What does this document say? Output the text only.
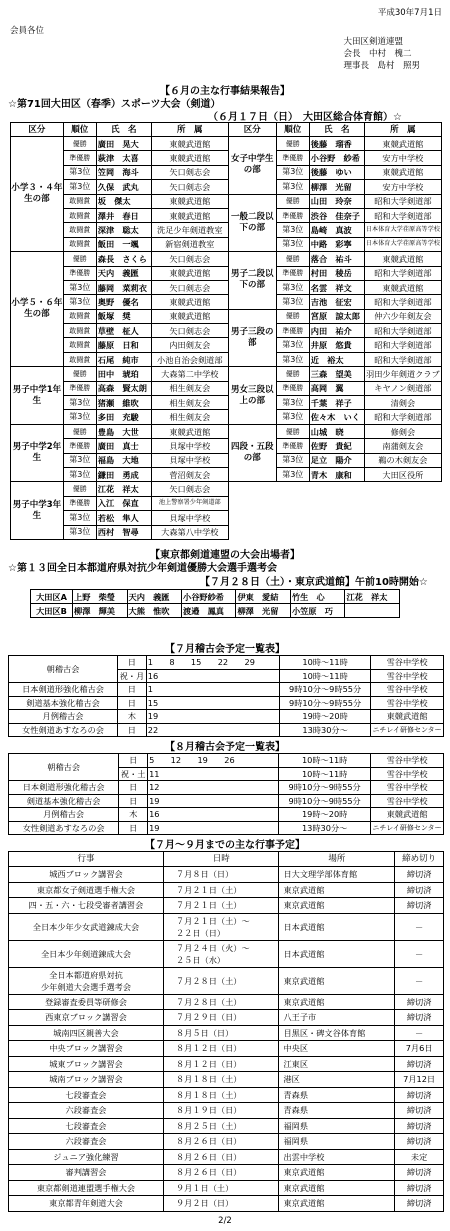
平成30年7月1日
会員各位
大田区剣道連盟
会長　中村　槐二
理事長　島村　照男
【６月の主な行事結果報告】
☆第71回大田区（春季）スポーツ大会（剣道）
（６月１７日（日）　大田区総合体育館）☆
区分	順位	氏　名	所　属	区分	順位	氏　名	所　属
小学３・４年生の部	優勝	廣田　晃大	東競武道館	女子中学生の部	優勝	後藤　瑠香	東競武道館
	準優勝	萩津　太喜	東競武道館		準優勝	小谷野　紗希	安方中学校
	第3位	笠岡　海斗	矢口剣志会		第3位	後藤　ゆい	東競武道館
	第3位	久保　武丸	矢口剣志会		第3位	柳澤　光留	安方中学校
	敢闘賞	坂　傑太	東競武道館	一般二段以下の部	優勝	山田　玲奈	昭和大学剣道部
	敢闘賞	澤井　春日	東競武道館		準優勝	渋谷　佳奈子	昭和大学剣道部
	敢闘賞	深津　聡太	洗足少年剣道教室		第3位	島崎　真波	日本体育大学荏原高等学校
	敢闘賞	飯田　一颯	新宿剣道教室		第3位	中路　彩寧	日本体育大学荏原高等学校
小学５・６年生の部	優勝	森長　さくら	矢口剣志会	男子二段以下の部	優勝	落合　祐斗	東競武道館
	準優勝	天内　義匯	東競武道館		準優勝	村田　稜岳	昭和大学剣道部
	第3位	藤岡　菜莉衣	矢口剣志会		第3位	名雲　祥文	東競武道館
	第3位	奥野　優名	東競武道館		第3位	吉池　征宏	昭和大学剣道部
	敢闘賞	飯塚　奨	東競武道館	男子三段の部	優勝	宮原　諒太郎	仲六少年剣友会
	敢闘賞	草壁　柾人	矢口剣志会		準優勝	内田　祐介	昭和大学剣道部
	敢闘賞	藤原　日和	内田剣友会		第3位	井原　悠貴	昭和大学剣道部
	敢闘賞	石尾　純市	小池自治会剣道部		第3位	近　裕太	昭和大学剣道部
男子中学1年生	優勝	田中　琥珀	大森第二中学校	男女三段以上の部	優勝	三森　望美	羽田少年剣道クラブ
	準優勝	高森　賢太朗	相生剣友会		準優勝	高岡　翼	キヤノン剣道部
	第3位	猪瀬　維吹	相生剣友会		第3位	千葉　祥子	清剣会
	第3位	多田　充駿	相生剣友会		第3位	佐々木　いく	昭和大学剣道部
男子中学2年生	優勝	豊島　大世	東競武道館	四段・五段の部	優勝	山城　晓	修剣会
	準優勝	廣田　真士	貝塚中学校		準優勝	佐野　貴紀	南蒲剣友会
	第3位	福島　大地	貝塚中学校		第3位	足立　陽介	鵜の木剣友会
	第3位	鎌田　勇成	菅沼剣友会		第3位	青木　康和	大田区役所
男子中学3年生	優勝	江花　祥太	矢口剣志会				
	準優勝	入江　保直	池上警察署少年剣道部				
	第3位	若松　隼人	貝塚中学校				
	第3位	西村　智尋	大森第八中学校				
【東京都剣道連盟の大会出場者】
☆第１３回全日本都道府県対抗少年剣道優勝大会選手選考会
【７月２８日（土）・東京武道館】午前10時開始☆
大田区A	上野　柴瑩	天内　義匯	小谷野紗希	伊東　愛結	竹生　心	江花　祥太
大田区B	柳澤　輝美	大熊　惟吹	渡邉　鳳真	柳澤　光留	小笠原　巧	
【７月稽古会予定一覧表】
朝稽古会	日	1　　8　　15　　22　　29	10時～11時	雪谷中学校
	祝・月	16	10時～11時	雪谷中学校
日本剣道形強化稽古会	日	1	9時10分～9時55分	雪谷中学校
剣道基本強化稽古会	日	15	9時10分～9時55分	雪谷中学校
月例稽古会	木	19	19時～20時	東競武道館
女性剣道あすなろの会	日	22	13時30分～	ニチレイ研修センター
【８月稽古会予定一覧表】
朝稽古会	日	5　　12　　19　　26	10時～11時	雪谷中学校
	祝・土	11	10時～11時	雪谷中学校
日本剣道形強化稽古会	日	12	9時10分～9時55分	雪谷中学校
剣道基本強化稽古会	日	19	9時10分～9時55分	雪谷中学校
月例稽古会	木	16	19時～20時	東競武道館
女性剣道あすなろの会	日	19	13時30分～	ニチレイ研修センター
【７月～９月までの主な行事予定】
行事	日時	場所	締め切り
城西ブロック講習会	７月８日（日）	日大文理学部体育館	締切済
東京都女子剣道選手権大会	７月２１日（土）	東京武道館	締切済
四・五・六・七段受審者講習会	７月２１日（土）	東京武道館	締切済
全日本少年少女武道錬成大会	７月２１日（土）～
２２日（日）	日本武道館	－
全日本少年剣道錬成大会	７月２４日（火）～
２５日（水）	日本武道館	－
全日本都道府県対抗
少年剣道大会選手選考会	７月２８日（土）	東京武道館	－
登録審査委員等研修会	７月２８日（土）	東京武道館	締切済
西東京ブロック講習会	７月２９日（日）	八王子市	締切済
城南四区親善大会	８月５日（日）	目黒区・碑文谷体育館	－
中央ブロック講習会	８月１２日（日）	中央区	7月6日
城東ブロック講習会	８月１２日（日）	江東区	締切済
城南ブロック講習会	８月１８日（土）	港区	7月12日
七段審査会	８月１８日（土）	青森県	締切済
六段審査会	８月１９日（日）	青森県	締切済
七段審査会	８月２５日（土）	福岡県	締切済
六段審査会	８月２６日（日）	福岡県	締切済
ジュニア強化練習	８月２６日（日）	出雲中学校	未定
審判講習会	８月２６日（日）	東京武道館	締切済
東京都剣道連盟選手権大会	９月１日（土）	東京武道館	締切済
東京都青年剣道大会	９月２日（日）	東京武道館	締切済
2/2
